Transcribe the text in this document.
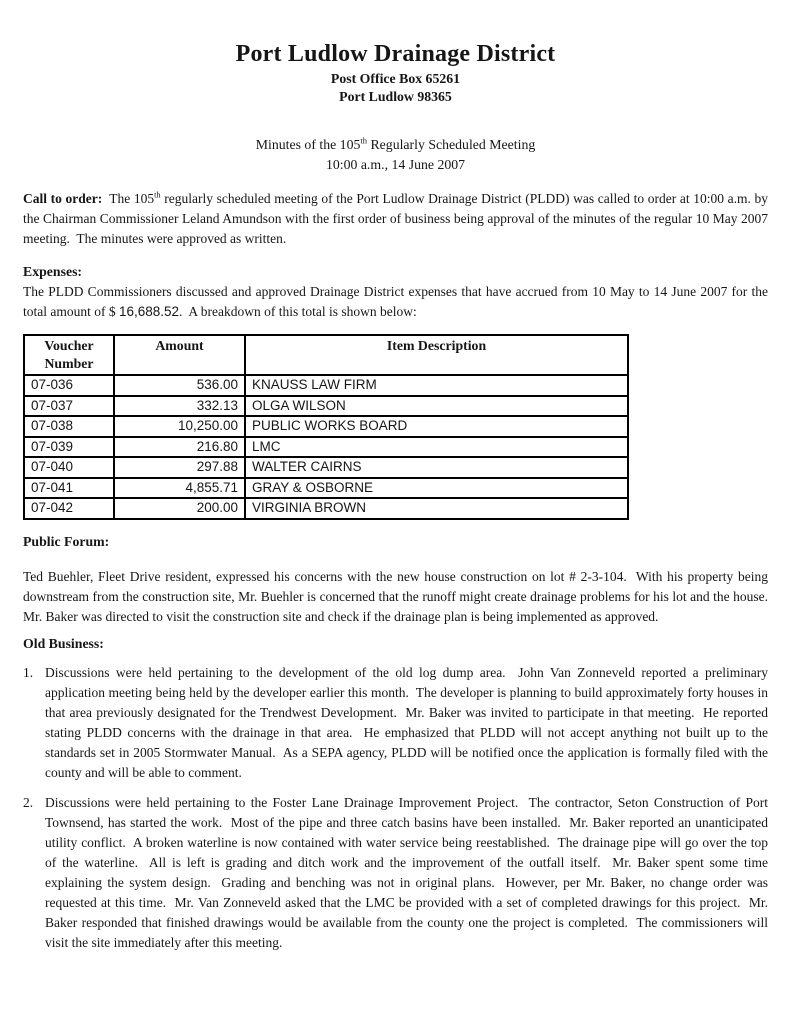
Port Ludlow Drainage District
Post Office Box 65261
Port Ludlow 98365
Minutes of the 105th Regularly Scheduled Meeting
10:00 a.m., 14 June 2007

Call to order:  The 105th regularly scheduled meeting of the Port Ludlow Drainage District (PLDD) was called to order at 10:00 a.m. by the Chairman Commissioner Leland Amundson with the first order of business being approval of the minutes of the regular 10 May 2007 meeting.  The minutes were approved as written.

Expenses:

The PLDD Commissioners discussed and approved Drainage District expenses that have accrued from 10 May to 14 June 2007 for the total amount of $ 16,688.52.  A breakdown of this total is shown below:

Voucher Number	Amount	Item Description
07-036	536.00	KNAUSS LAW FIRM
07-037	332.13	OLGA WILSON
07-038	10,250.00	PUBLIC WORKS BOARD
07-039	216.80	LMC
07-040	297.88	WALTER CAIRNS
07-041	4,855.71	GRAY & OSBORNE
07-042	200.00	VIRGINIA BROWN
Public Forum:

Ted Buehler, Fleet Drive resident, expressed his concerns with the new house construction on lot # 2-3-104.  With his property being downstream from the construction site, Mr. Buehler is concerned that the runoff might create drainage problems for his lot and the house.  Mr. Baker was directed to visit the construction site and check if the drainage plan is being implemented as approved.

Old Business:
1. Discussions were held pertaining to the development of the old log dump area.  John Van Zonneveld reported a preliminary application meeting being held by the developer earlier this month.  The developer is planning to build approximately forty houses in that area previously designated for the Trendwest Development.  Mr. Baker was invited to participate in that meeting.  He reported stating PLDD concerns with the drainage in that area.  He emphasized that PLDD will not accept anything not built up to the standards set in 2005 Stormwater Manual.  As a SEPA agency, PLDD will be notified once the application is formally filed with the county and will be able to comment.
2. Discussions were held pertaining to the Foster Lane Drainage Improvement Project.  The contractor, Seton Construction of Port Townsend, has started the work.  Most of the pipe and three catch basins have been installed.  Mr. Baker reported an unanticipated utility conflict.  A broken waterline is now contained with water service being reestablished.  The drainage pipe will go over the top of the waterline.  All is left is grading and ditch work and the improvement of the outfall itself.  Mr. Baker spent some time explaining the system design.  Grading and benching was not in original plans.  However, per Mr. Baker, no change order was requested at this time.  Mr. Van Zonneveld asked that the LMC be provided with a set of completed drawings for this project.  Mr. Baker responded that finished drawings would be available from the county one the project is completed.  The commissioners will visit the site immediately after this meeting.
